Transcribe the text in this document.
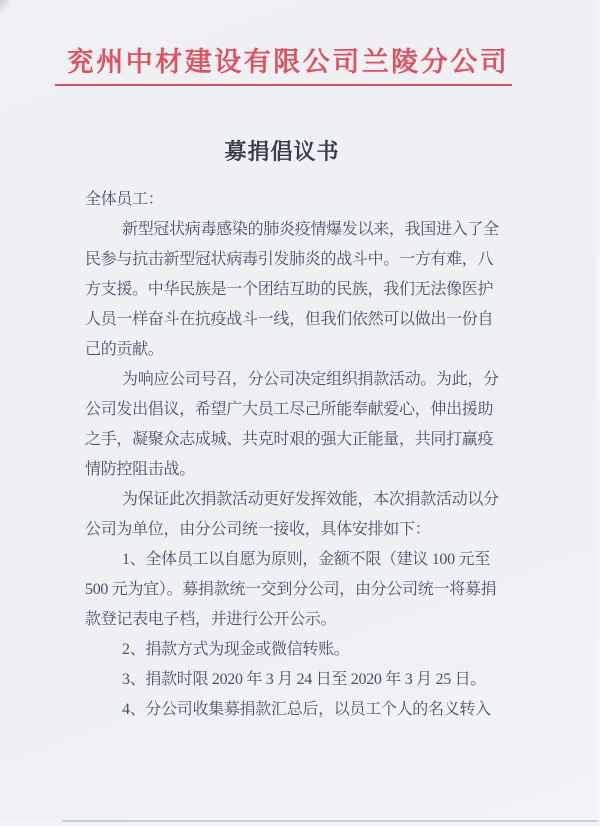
兖州中材建设有限公司兰陵分公司
募捐倡议书
全体员工：
新型冠状病毒感染的肺炎疫情爆发以来，我国进入了全
民参与抗击新型冠状病毒引发肺炎的战斗中。一方有难，八
方支援。中华民族是一个团结互助的民族，我们无法像医护
人员一样奋斗在抗疫战斗一线，但我们依然可以做出一份自
己的贡献。
为响应公司号召，分公司决定组织捐款活动。为此，分
公司发出倡议，希望广大员工尽己所能奉献爱心，伸出援助
之手，凝聚众志成城、共克时艰的强大正能量，共同打赢疫
情防控阻击战。
为保证此次捐款活动更好发挥效能，本次捐款活动以分
公司为单位，由分公司统一接收，具体安排如下：
1、全体员工以自愿为原则，金额不限（建议 100 元至
500 元为宜）。募捐款统一交到分公司，由分公司统一将募捐
款登记表电子档，并进行公开公示。
2、捐款方式为现金或微信转账。
3、捐款时限 2020 年 3 月 24 日至 2020 年 3 月 25 日。
4、分公司收集募捐款汇总后，以员工个人的名义转入
